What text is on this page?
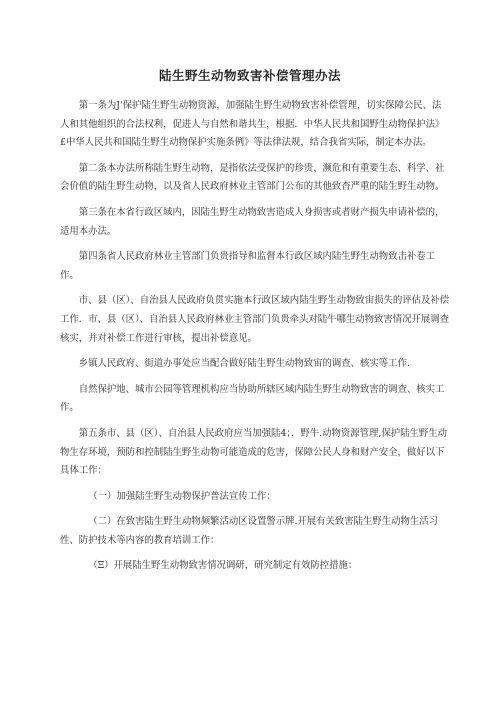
陆生野生动物致害补偿管理办法

第一条为J'保护陆生野生动物资源，加强陆生野生动物致害补偿管理，切实保障公民、法人和其他组织的合法权利，促进人与自然和谐共生，根据．中华人民共和国野生动物保护法》£中华人民共和国陆生野生动物保护实施条例》等法律法规，结合我省实际，制定本办法。

第二条本办法所称陆生野生动物，是指依法受保护的珍贵、濒危和有重要生态、科学、社会价值的陆生野生动物，以及省人民政府林业主管部门公布的其他致杳严重的陆生野生动物。

第三条在本省行政区域内，因陆生野生动物致害造成人身损害或者财产损失申请补偿的，适用本办法。

第四条省人民政府林业主管部门负贵指导和监督本行政区域内陆生野生动物致击补卷工作。

市、县（区）、自治县人民政府负贯实施本行政区域内陆生野生动物致宙损失的评估及补偿工作．市、县（区）、自治县人民政府林业主管部门负贵牵头对陆牛哪生动物致害情况开展调查核实，并对补偿工作进行审核，提出补偿意见。

乡镇人民政府、街道办事处应当配合做好陆生野生动物致宙的调查、核实等工作.

自然保护地、城市公园等管理机构应当协助所辖区域内陆生野生动物致害的调查、核实工作。

第五条市、县（区）、自治县人民政府应当加强陆4；．野牛.动物资源管理,保护陆生野生动物生存环境，预防和控制陆生野生动物可能造成的危害，保障公民人身和财产安全，做好以下具体工作：

（一）加强陆生野生动物保护普法宣传工作：

（二）在致害陆生野生动物频繁活动区设置警示牌.开展有关致害陆生野生动物生活习性、防护技术等内容的教育培训工作：

（Ξ）开展陆生野生动物致害情况调研，研究制定有效防控措施：
